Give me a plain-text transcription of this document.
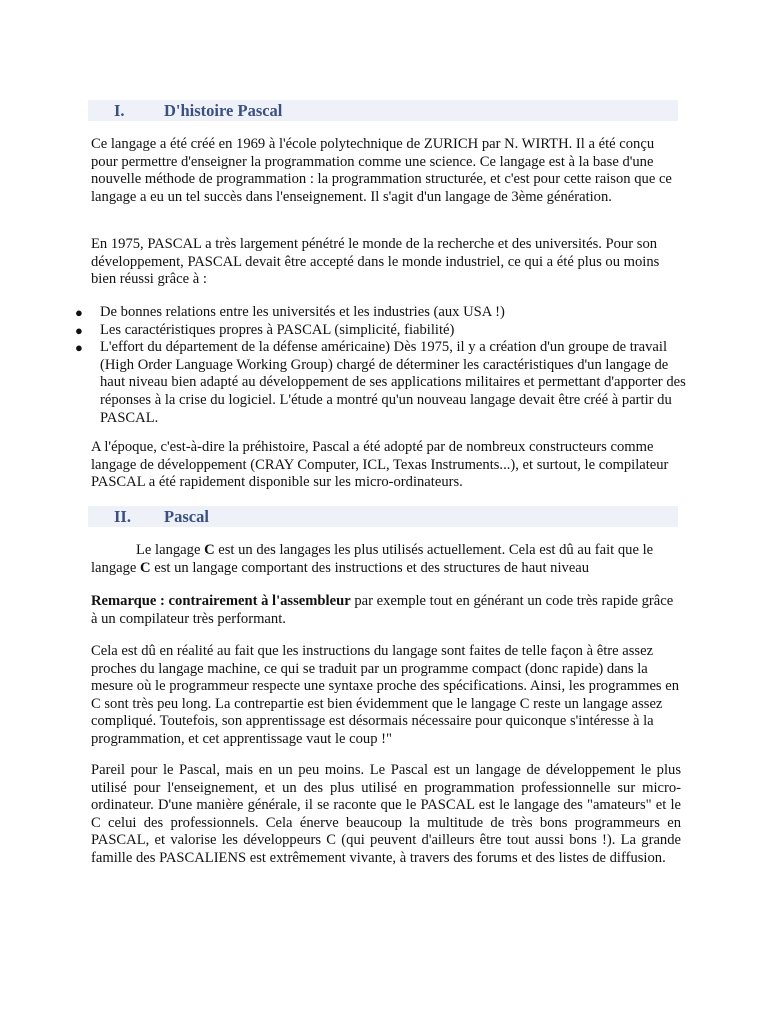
I. D'histoire Pascal

Ce langage a été créé en 1969 à l'école polytechnique de ZURICH par N. WIRTH. Il a été conçu pour permettre d'enseigner la programmation comme une science. Ce langage est à la base d'une nouvelle méthode de programmation : la programmation structurée, et c'est pour cette raison que ce langage a eu un tel succès dans l'enseignement. Il s'agit d'un langage de 3ème génération.

En 1975, PASCAL a très largement pénétré le monde de la recherche et des universités. Pour son développement, PASCAL devait être accepté dans le monde industriel, ce qui a été plus ou moins bien réussi grâce à :

● De bonnes relations entre les universités et les industries (aux USA !)
● Les caractéristiques propres à PASCAL (simplicité, fiabilité)
● L'effort du département de la défense américaine) Dès 1975, il y a création d'un groupe de travail (High Order Language Working Group) chargé de déterminer les caractéristiques d'un langage de haut niveau bien adapté au développement de ses applications militaires et permettant d'apporter des réponses à la crise du logiciel. L'étude a montré qu'un nouveau langage devait être créé à partir du PASCAL.

A l'époque, c'est-à-dire la préhistoire, Pascal a été adopté par de nombreux constructeurs comme langage de développement (CRAY Computer, ICL, Texas Instruments...), et surtout, le compilateur PASCAL a été rapidement disponible sur les micro-ordinateurs.

II. Pascal

Le langage C est un des langages les plus utilisés actuellement. Cela est dû au fait que le langage C est un langage comportant des instructions et des structures de haut niveau

Remarque : contrairement à l'assembleur par exemple tout en générant un code très rapide grâce à un compilateur très performant.

Cela est dû en réalité au fait que les instructions du langage sont faites de telle façon à être assez proches du langage machine, ce qui se traduit par un programme compact (donc rapide) dans la mesure où le programmeur respecte une syntaxe proche des spécifications. Ainsi, les programmes en C sont très peu long. La contrepartie est bien évidemment que le langage C reste un langage assez compliqué. Toutefois, son apprentissage est désormais nécessaire pour quiconque s'intéresse à la programmation, et cet apprentissage vaut le coup !"

Pareil pour le Pascal, mais en un peu moins. Le Pascal est un langage de développement le plus utilisé pour l'enseignement, et un des plus utilisé en programmation professionnelle sur micro-ordinateur. D'une manière générale, il se raconte que le PASCAL est le langage des "amateurs" et le C celui des professionnels. Cela énerve beaucoup la multitude de très bons programmeurs en PASCAL, et valorise les développeurs C (qui peuvent d'ailleurs être tout aussi bons !). La grande famille des PASCALIENS est extrêmement vivante, à travers des forums et des listes de diffusion.
